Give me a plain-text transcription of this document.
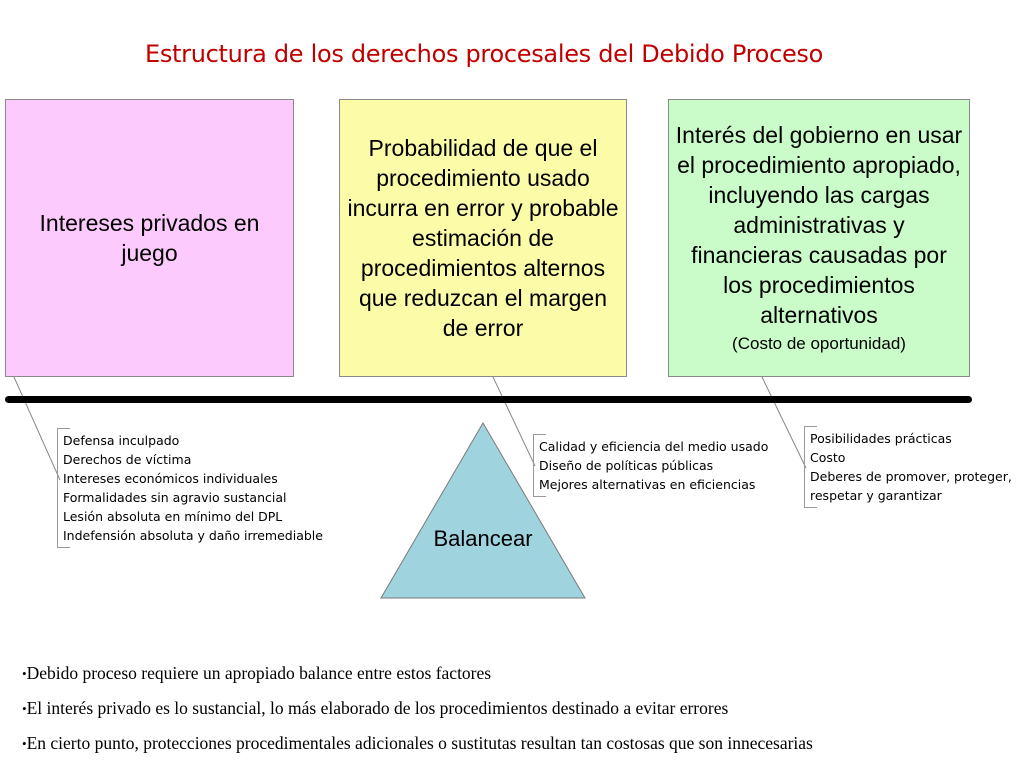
Estructura de los derechos procesales del Debido Proceso
Intereses privados en juego
Probabilidad de que el procedimiento usado incurra en error y probable estimación de procedimientos alternos que reduzcan el margen de error
Interés del gobierno en usar el procedimiento apropiado, incluyendo las cargas administrativas y financieras causadas por los procedimientos alternativos
(Costo de oportunidad)
Defensa inculpado
Derechos de víctima
Intereses económicos individuales
Formalidades sin agravio sustancial
Lesión absoluta en mínimo del DPL
Indefensión absoluta y daño irremediable
Calidad y eficiencia del medio usado
Diseño de políticas públicas
Mejores alternativas en eficiencias
Posibilidades prácticas
Costo
Deberes de promover, proteger,
respetar y garantizar
Balancear
•Debido proceso requiere un apropiado balance entre estos factores
•El interés privado es lo sustancial, lo más elaborado de los procedimientos destinado a evitar errores
•En cierto punto, protecciones procedimentales adicionales o sustitutas resultan tan costosas que son innecesarias
